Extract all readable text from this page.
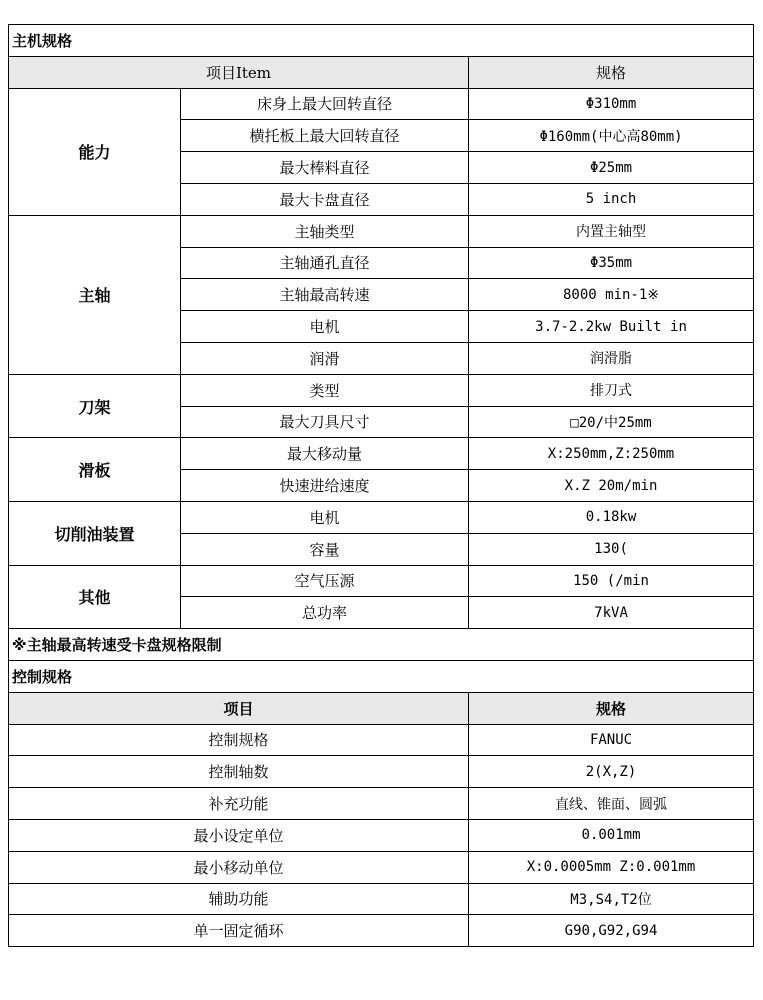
主机规格		
项目Item		规格
能力	床身上最大回转直径	Φ310mm
	横托板上最大回转直径	Φ160mm(中心高80mm)
	最大棒料直径	Φ25mm
	最大卡盘直径	5 inch
主轴	主轴类型	内置主轴型
	主轴通孔直径	Φ35mm
	主轴最高转速	8000 min-1※
	电机	3.7-2.2kw Built in
	润滑	润滑脂
刀架	类型	排刀式
	最大刀具尺寸	□20/中25mm
滑板	最大移动量	X:250mm,Z:250mm
	快速进给速度	X.Z 20m/min
切削油装置	电机	0.18kw
	容量	130(
其他	空气压源	150 (/min
	总功率	7kVA
※主轴最高转速受卡盘规格限制		
控制规格		
项目		规格
控制规格		FANUC
控制轴数		2(X,Z)
补充功能		直线、锥面、圆弧
最小设定单位		0.001mm
最小移动单位		X:0.0005mm Z:0.001mm
辅助功能		M3,S4,T2位
单一固定循环		G90,G92,G94
